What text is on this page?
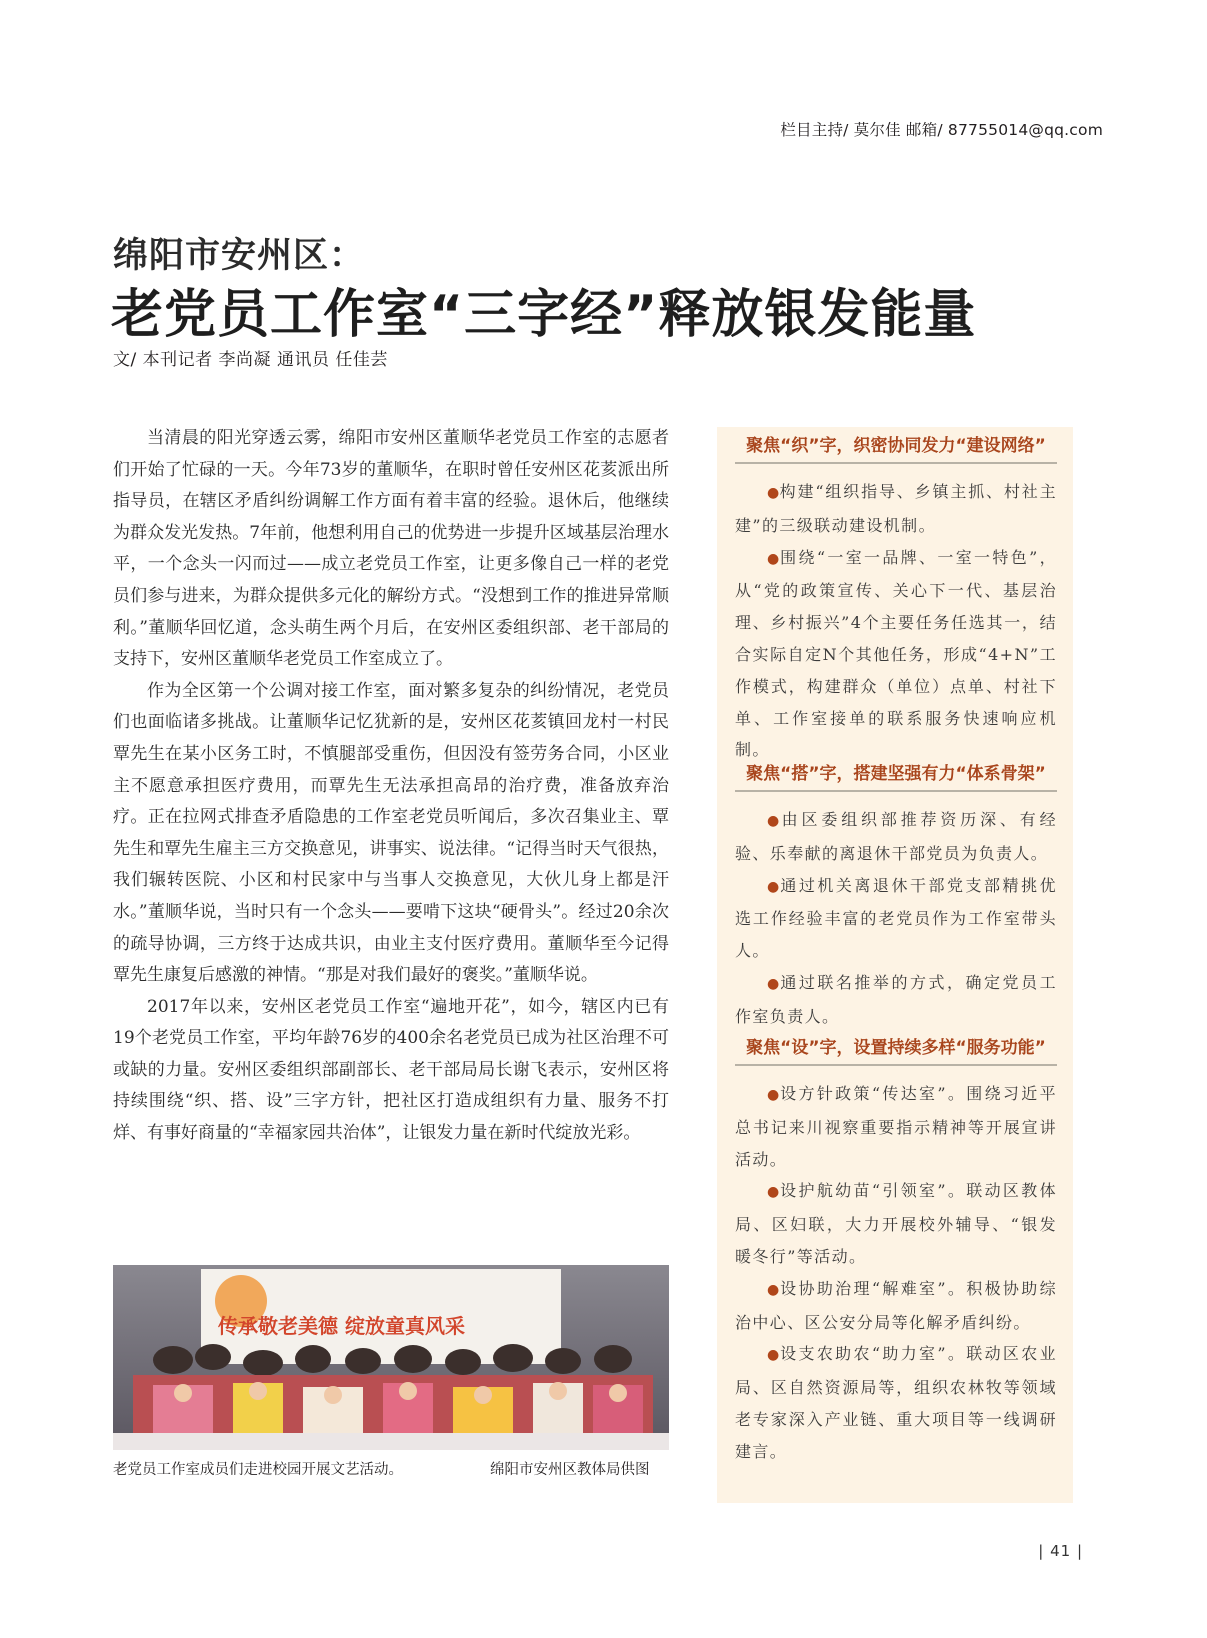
栏目主持/ 莫尔佳 邮箱/ 87755014@qq.com
绵阳市安州区：
老党员工作室“三字经”释放银发能量
文/ 本刊记者 李尚凝 通讯员 任佳芸

当清晨的阳光穿透云雾，绵阳市安州区董顺华老党员工作室的志愿者们开始了忙碌的一天。今年73岁的董顺华，在职时曾任安州区花荄派出所指导员，在辖区矛盾纠纷调解工作方面有着丰富的经验。退休后，他继续为群众发光发热。7年前，他想利用自己的优势进一步提升区域基层治理水平，一个念头一闪而过——成立老党员工作室，让更多像自己一样的老党员们参与进来，为群众提供多元化的解纷方式。“没想到工作的推进异常顺利。”董顺华回忆道，念头萌生两个月后，在安州区委组织部、老干部局的支持下，安州区董顺华老党员工作室成立了。

作为全区第一个公调对接工作室，面对繁多复杂的纠纷情况，老党员们也面临诸多挑战。让董顺华记忆犹新的是，安州区花荄镇回龙村一村民覃先生在某小区务工时，不慎腿部受重伤，但因没有签劳务合同，小区业主不愿意承担医疗费用，而覃先生无法承担高昂的治疗费，准备放弃治疗。正在拉网式排查矛盾隐患的工作室老党员听闻后，多次召集业主、覃先生和覃先生雇主三方交换意见，讲事实、说法律。“记得当时天气很热，我们辗转医院、小区和村民家中与当事人交换意见，大伙儿身上都是汗水。”董顺华说，当时只有一个念头——要啃下这块“硬骨头”。经过20余次的疏导协调，三方终于达成共识，由业主支付医疗费用。董顺华至今记得覃先生康复后感激的神情。“那是对我们最好的褒奖。”董顺华说。

2017年以来，安州区老党员工作室“遍地开花”，如今，辖区内已有19个老党员工作室，平均年龄76岁的400余名老党员已成为社区治理不可或缺的力量。安州区委组织部副部长、老干部局局长谢飞表示，安州区将持续围绕“织、搭、设”三字方针，把社区打造成组织有力量、服务不打烊、有事好商量的“幸福家园共治体”，让银发力量在新时代绽放光彩。

传承敬老美德 绽放童真风采
老党员工作室成员们走进校园开展文艺活动。	绵阳市安州区教体局供图
聚焦“织”字，织密协同发力“建设网络”

●构建“组织指导、乡镇主抓、村社主建”的三级联动建设机制。

●围绕“一室一品牌、一室一特色”，从“党的政策宣传、关心下一代、基层治理、乡村振兴”4个主要任务任选其一，结合实际自定N个其他任务，形成“4+N”工作模式，构建群众（单位）点单、村社下单、工作室接单的联系服务快速响应机制。

聚焦“搭”字，搭建坚强有力“体系骨架”

●由区委组织部推荐资历深、有经验、乐奉献的离退休干部党员为负责人。

●通过机关离退休干部党支部精挑优选工作经验丰富的老党员作为工作室带头人。

●通过联名推举的方式，确定党员工作室负责人。

聚焦“设”字，设置持续多样“服务功能”

●设方针政策“传达室”。围绕习近平总书记来川视察重要指示精神等开展宣讲活动。

●设护航幼苗“引领室”。联动区教体局、区妇联，大力开展校外辅导、“银发暖冬行”等活动。

●设协助治理“解难室”。积极协助综治中心、区公安分局等化解矛盾纠纷。

●设支农助农“助力室”。联动区农业局、区自然资源局等，组织农林牧等领域老专家深入产业链、重大项目等一线调研建言。

| 41 |
